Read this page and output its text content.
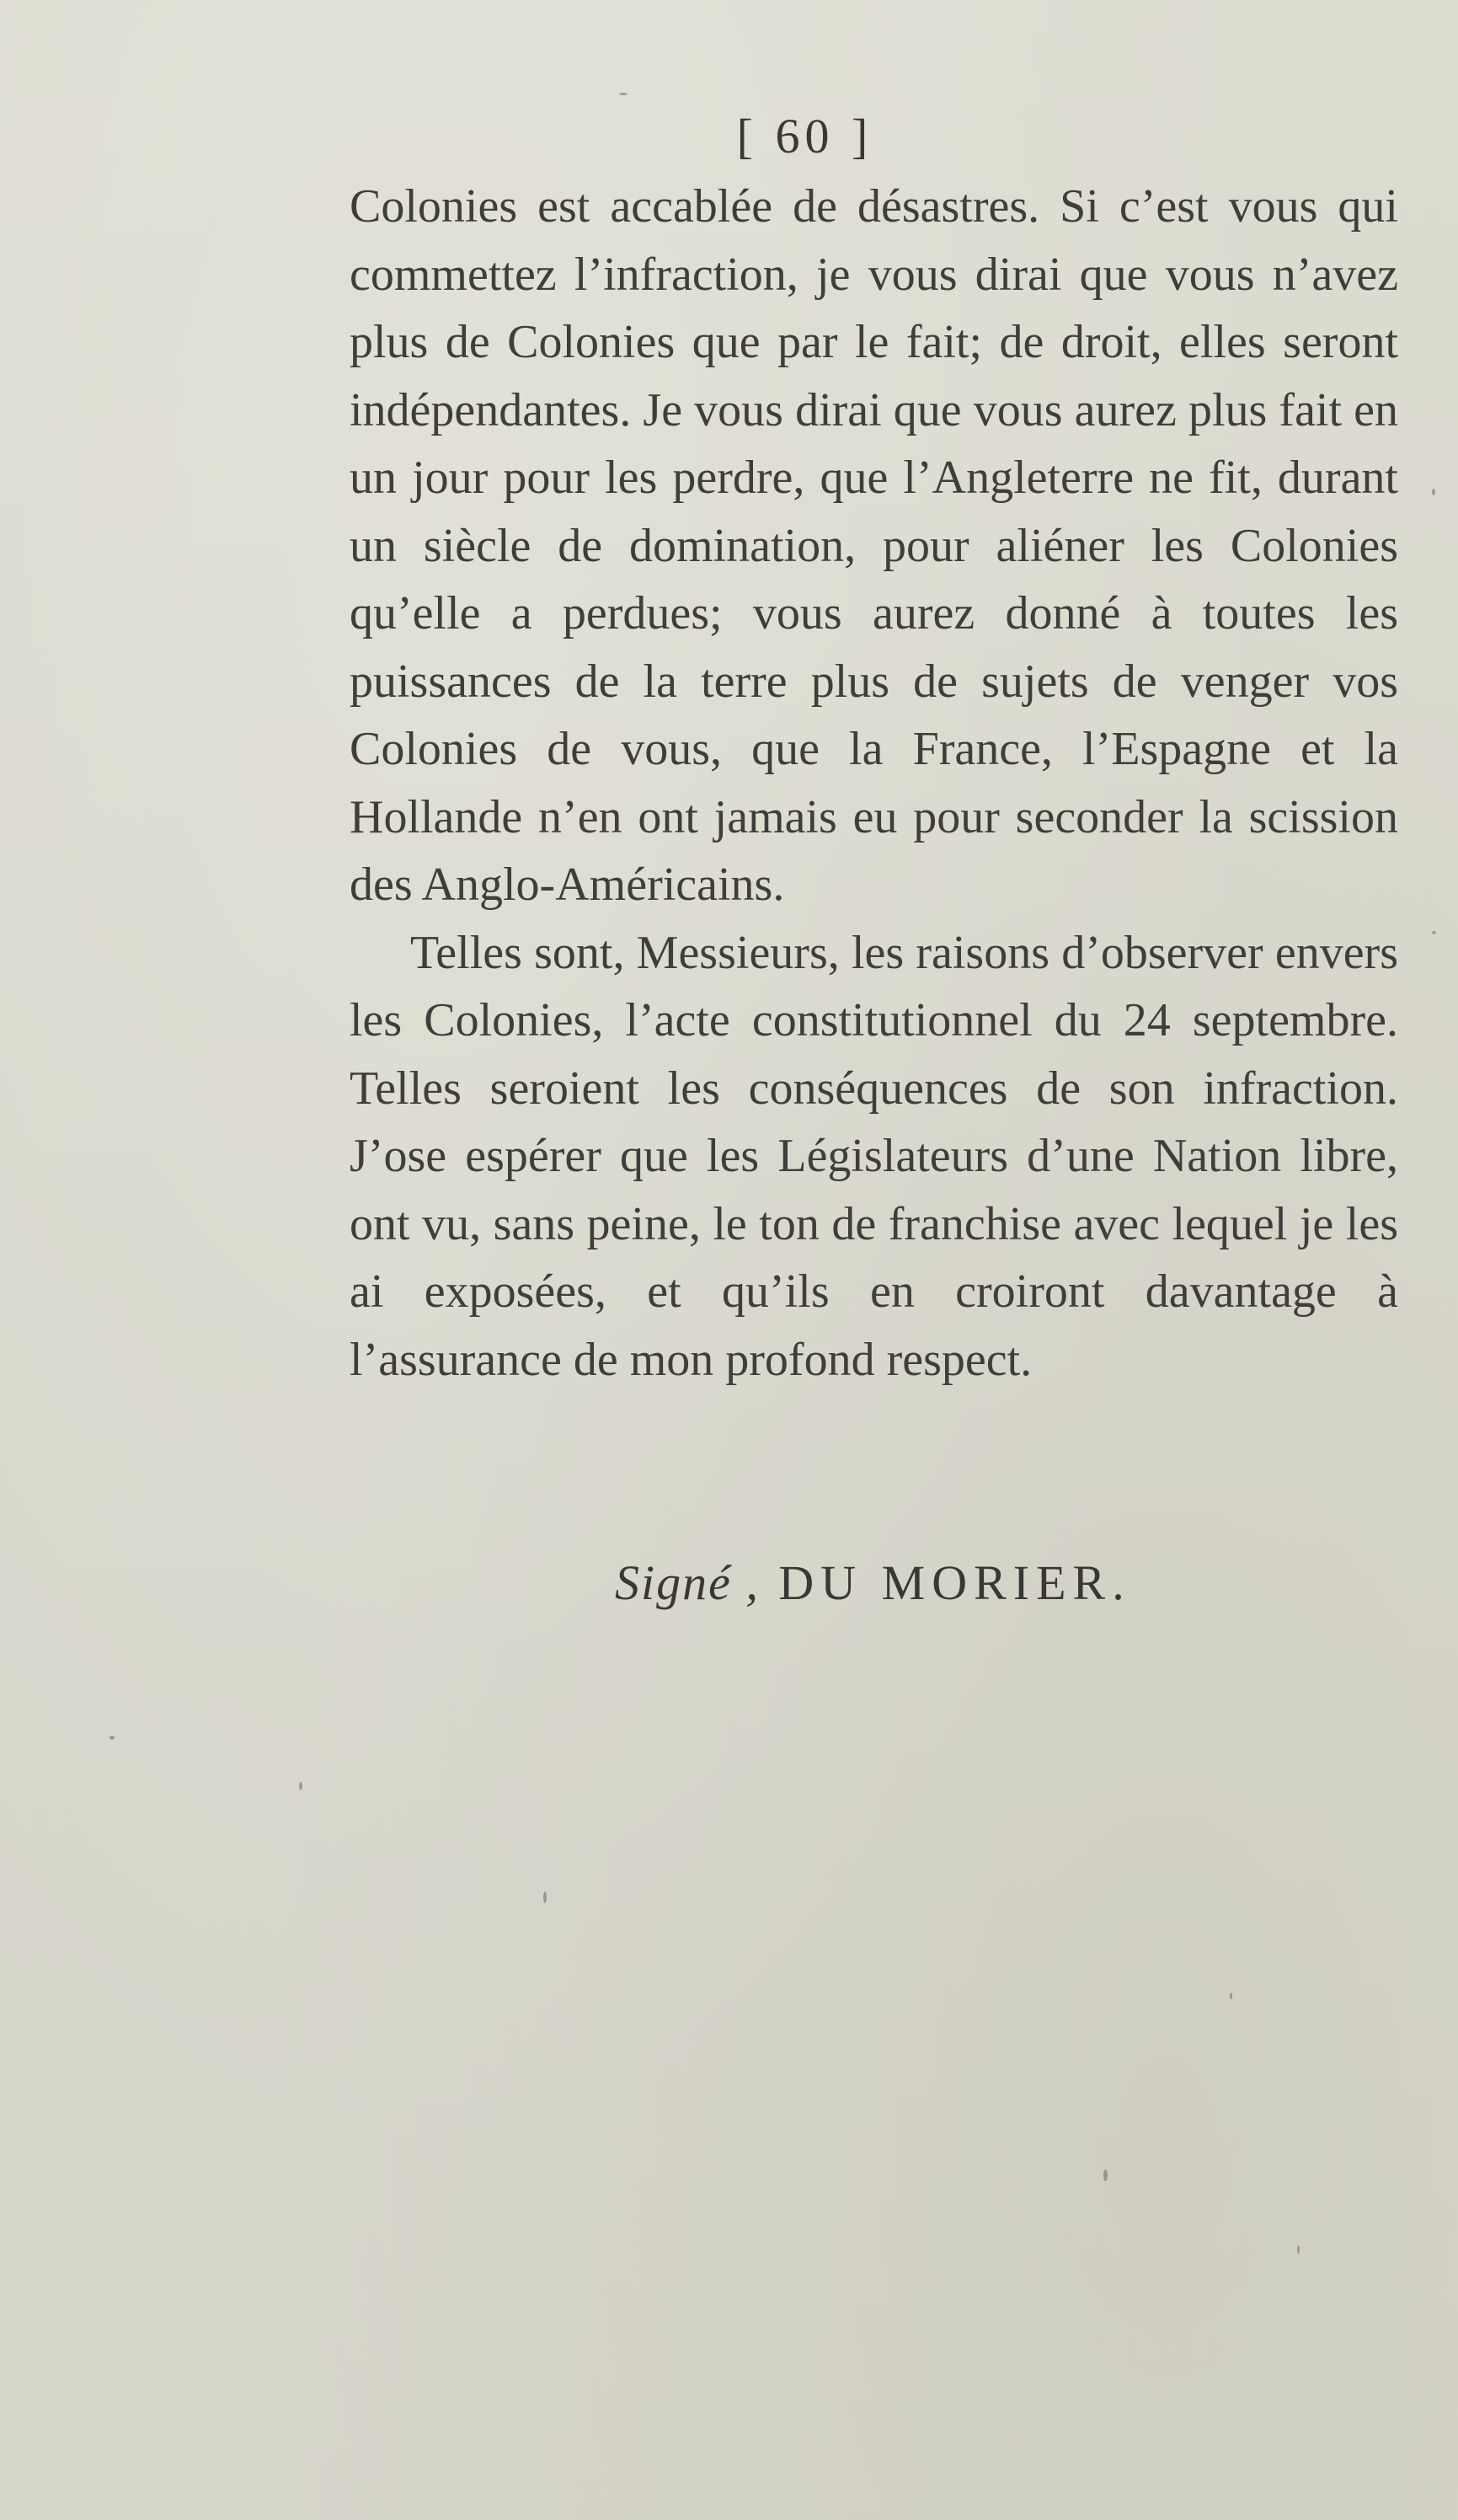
[ 60 ]

Colonies est accablée de désastres. Si c’est vous qui commettez l’infraction, je vous dirai que vous n’avez plus de Colonies que par le fait; de droit, elles seront indépendantes. Je vous dirai que vous aurez plus fait en un jour pour les perdre, que l’Angleterre ne fit, durant un siècle de domination, pour aliéner les Colonies qu’elle a perdues; vous aurez donné à toutes les puissances de la terre plus de sujets de venger vos Colonies de vous, que la France, l’Espagne et la Hollande n’en ont jamais eu pour seconder la scission des Anglo-Américains.

Telles sont, Messieurs, les raisons d’observer envers les Colonies, l’acte constitutionnel du 24 septembre. Telles seroient les conséquences de son infraction. J’ose espérer que les Législateurs d’une Nation libre, ont vu, sans peine, le ton de franchise avec lequel je les ai exposées, et qu’ils en croiront davantage à l’assurance de mon profond respect.

Signé , DU MORIER.
